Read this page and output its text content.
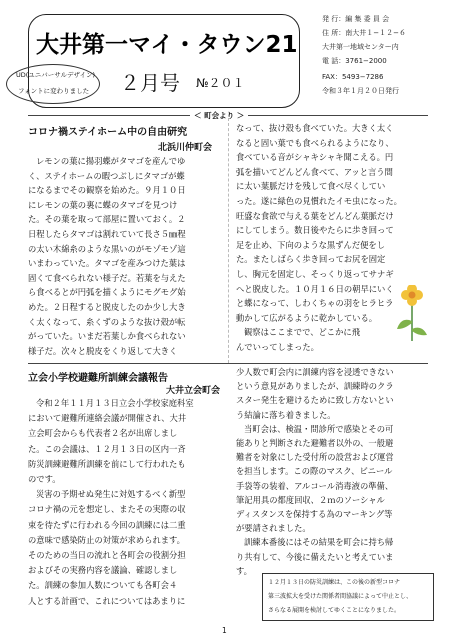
大井第一マイ・タウン21
UD(ユニバーサルデザイン)
フォントに変わりました ２月号 №２０１
発 行：編 集 委 員 会
住 所：南大井１−１２−６
大井第一地域センター内
電 話：3761−2000
FAX：5493−7286
令和３年１月２０日発行
＜ 町会より ＞
コロナ禍ステイホーム中の自由研究
北浜川仲町会
レモンの葉に揚羽蝶がタマゴを産んでゆ
く、ステイホームの暇つぶしにタマゴが蝶
になるまでその観察を始めた。９月１０日
にレモンの葉の裏に蝶のタマゴを見つけ
た。その葉を取って部屋に置いておく。２
日程したらタマゴは割れていて長さ５㎜程
の太い木綿糸のような黒いのがモゾモゾ這
いまわっていた。タマゴを産みつけた葉は
固くて食べられない様子だ。若葉を与えた
ら食べるとが円弧を描くようにモグモグ始
めた。２日程すると脱皮したのか少し大き
く太くなって、糸くずのような抜け殻が転
がっていた。いまだ若葉しか食べられない
様子だ。次々と脱皮をくり返して大きく
なって、抜け殻も食べていた。大きく太く
なると固い葉でも食べられるようになり、
食べている音がシャキシャキ聞こえる。円
弧を描いてどんどん食べて、アッと言う間
に太い葉脈だけを残して食べ尽くしてい
った。遂に緑色の見慣れたイモ虫になった。
旺盛な食欲で与える葉をどんどん葉脈だけ
にしてしまう。数日後やたらに歩き回って
足を止め、下向のような黒ずんだ便をし
た。またしばらく歩き回ってお尻を固定
し、胸元を固定し、そっくり返ってサナギ
へと脱皮した。１０月１６日の朝早にいく
と蝶になって、しわくちゃの羽をヒラヒラ
動かして広がるように乾かしている。
観察はここまでで、どこかに飛
んでいってしまった。
立会小学校避難所訓練会議報告
大井立会町会
令和２年１１月１３日立会小学校家庭科室
において避難所連絡会議が開催され、大井
立会町会からも代表者２名が出席しまし
た。この会議は、１２月１３日の区内一斉
防災訓練避難所訓練を前にして行われたも
のです。
災害の予期せぬ発生に対処するべく新型
コロナ禍の元を想定し、またその実際の収
束を待たずに行われる今回の訓練には二重
の意味で感染防止の対策が求められます。
そのための当日の流れと各町会の役割分担
およびその実務内容を議論、確認しまし
た。訓練の参加人数についても各町会４
人とする計画で、これについてはあまりに
少人数で町会内に訓練内容を浸透できない
という意見がありましたが、訓練時のクラ
スター発生を避けるために致し方ないとい
う結論に落ち着きました。
当町会は、検温・問診所で感染とその可
能ありと判断された避難者以外の、一般避
難者を対象にした受付所の設営および運営
を担当します。この際のマスク、ビニール
手袋等の装着、アルコール消毒液の準備、
筆記用具の都度回収、２ｍのソーシャル
ディスタンスを保持する為のマーキング等
が要請されました。
訓練本番後にはその結果を町会に持ち帰
り共有して、今後に備えたいと考えていま
す。
１２月１３日の防災訓練は、この後の新型コロナ
第三波拡大を受けた関係者間協議によって中止とし、
さらなる展開を検討してゆくことになりました。
1
